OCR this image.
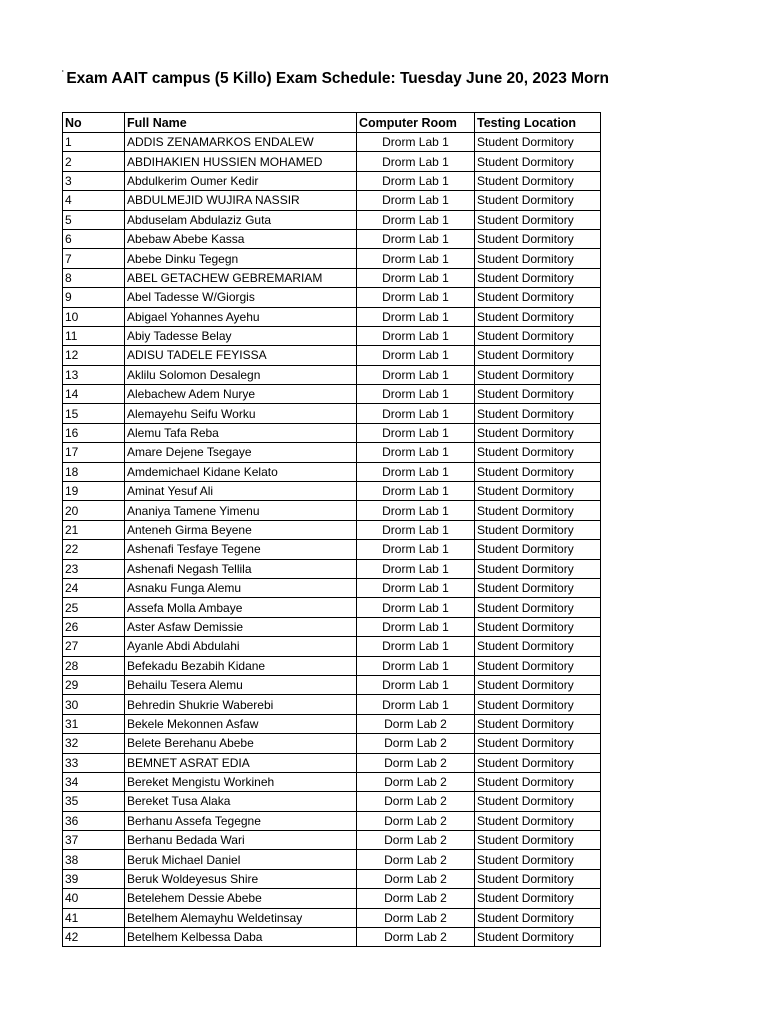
˙ Exam AAIT campus (5 Killo) Exam Schedule: Tuesday June 20, 2023 Morn
No	Full Name	Computer Room	Testing Location
1	ADDIS ZENAMARKOS ENDALEW	Drorm Lab 1	Student Dormitory
2	ABDIHAKIEN HUSSIEN MOHAMED	Drorm Lab 1	Student Dormitory
3	Abdulkerim Oumer Kedir	Drorm Lab 1	Student Dormitory
4	ABDULMEJID WUJIRA NASSIR	Drorm Lab 1	Student Dormitory
5	Abduselam Abdulaziz Guta	Drorm Lab 1	Student Dormitory
6	Abebaw Abebe Kassa	Drorm Lab 1	Student Dormitory
7	Abebe Dinku Tegegn	Drorm Lab 1	Student Dormitory
8	ABEL GETACHEW GEBREMARIAM	Drorm Lab 1	Student Dormitory
9	Abel Tadesse W/Giorgis	Drorm Lab 1	Student Dormitory
10	Abigael Yohannes Ayehu	Drorm Lab 1	Student Dormitory
11	Abiy Tadesse Belay	Drorm Lab 1	Student Dormitory
12	ADISU TADELE FEYISSA	Drorm Lab 1	Student Dormitory
13	Aklilu Solomon Desalegn	Drorm Lab 1	Student Dormitory
14	Alebachew Adem Nurye	Drorm Lab 1	Student Dormitory
15	Alemayehu Seifu Worku	Drorm Lab 1	Student Dormitory
16	Alemu Tafa Reba	Drorm Lab 1	Student Dormitory
17	Amare Dejene Tsegaye	Drorm Lab 1	Student Dormitory
18	Amdemichael Kidane Kelato	Drorm Lab 1	Student Dormitory
19	Aminat Yesuf Ali	Drorm Lab 1	Student Dormitory
20	Ananiya Tamene Yimenu	Drorm Lab 1	Student Dormitory
21	Anteneh Girma Beyene	Drorm Lab 1	Student Dormitory
22	Ashenafi Tesfaye Tegene	Drorm Lab 1	Student Dormitory
23	Ashenafi Negash Tellila	Drorm Lab 1	Student Dormitory
24	Asnaku Funga Alemu	Drorm Lab 1	Student Dormitory
25	Assefa Molla Ambaye	Drorm Lab 1	Student Dormitory
26	Aster Asfaw Demissie	Drorm Lab 1	Student Dormitory
27	Ayanle Abdi Abdulahi	Drorm Lab 1	Student Dormitory
28	Befekadu Bezabih Kidane	Drorm Lab 1	Student Dormitory
29	Behailu Tesera Alemu	Drorm Lab 1	Student Dormitory
30	Behredin Shukrie Waberebi	Drorm Lab 1	Student Dormitory
31	Bekele Mekonnen Asfaw	Dorm Lab 2	Student Dormitory
32	Belete Berehanu Abebe	Dorm Lab 2	Student Dormitory
33	BEMNET ASRAT EDIA	Dorm Lab 2	Student Dormitory
34	Bereket Mengistu Workineh	Dorm Lab 2	Student Dormitory
35	Bereket Tusa Alaka	Dorm Lab 2	Student Dormitory
36	Berhanu Assefa Tegegne	Dorm Lab 2	Student Dormitory
37	Berhanu Bedada Wari	Dorm Lab 2	Student Dormitory
38	Beruk Michael Daniel	Dorm Lab 2	Student Dormitory
39	Beruk Woldeyesus Shire	Dorm Lab 2	Student Dormitory
40	Betelehem Dessie Abebe	Dorm Lab 2	Student Dormitory
41	Betelhem Alemayhu Weldetinsay	Dorm Lab 2	Student Dormitory
42	Betelhem Kelbessa Daba	Dorm Lab 2	Student Dormitory
